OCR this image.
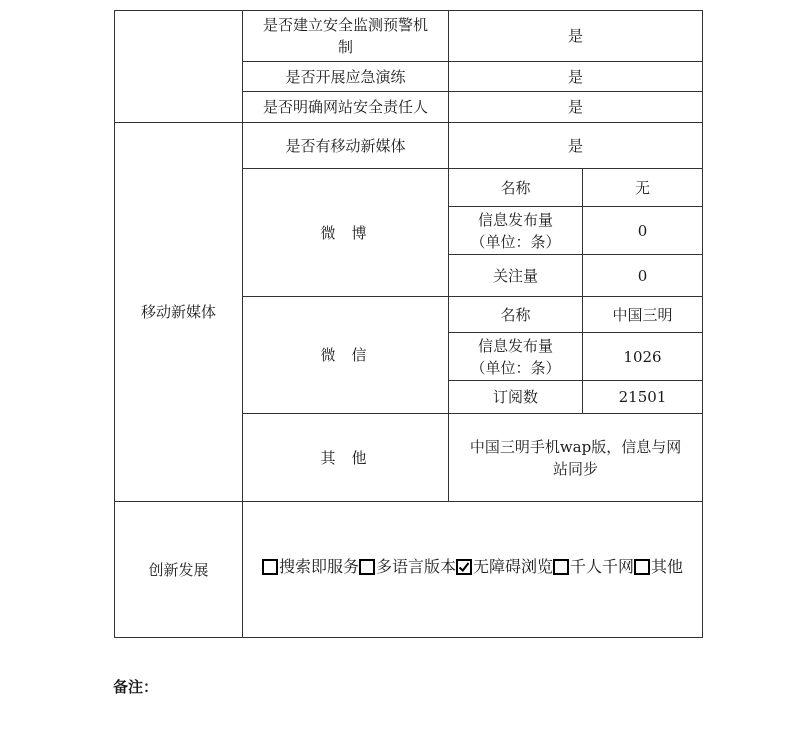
	是否建立安全监测预警机制	是	
	是否开展应急演练	是	
	是否明确网站安全责任人	是	
移动新媒体	是否有移动新媒体	是	
	微博	名称	无
		信息发布量（单位：条）	0
		关注量	0
	微信	名称	中国三明
		信息发布量（单位：条）	1026
		订阅数	21501
	其他	中国三明手机wap版，信息与网站同步	
创新发展	搜索即服务 多语言版本 无障碍浏览 千人千网 其他		
备注：
